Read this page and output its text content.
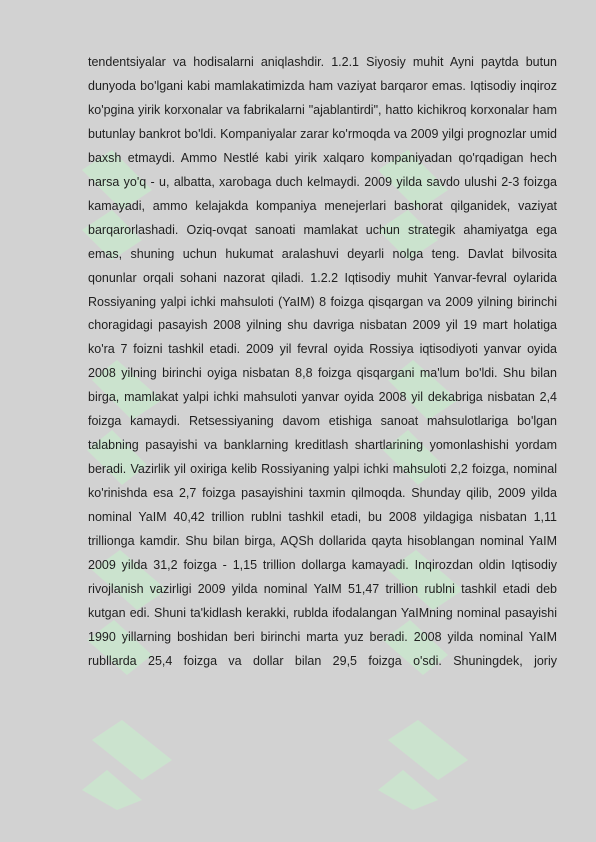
tendentsiyalar va hodisalarni aniqlashdir. 1.2.1 Siyosiy muhit Ayni paytda butun dunyoda bo'lgani kabi mamlakatimizda ham vaziyat barqaror emas. Iqtisodiy inqiroz ko'pgina yirik korxonalar va fabrikalarni "ajablantirdi", hatto kichikroq korxonalar ham butunlay bankrot bo'ldi. Kompaniyalar zarar ko'rmoqda va 2009 yilgi prognozlar umid baxsh etmaydi. Ammo Nestlé kabi yirik xalqaro kompaniyadan qo'rqadigan hech narsa yo'q - u, albatta, xarobaga duch kelmaydi. 2009 yilda savdo ulushi 2-3 foizga kamayadi, ammo kelajakda kompaniya menejerlari bashorat qilganidek, vaziyat barqarorlashadi. Oziq-ovqat sanoati mamlakat uchun strategik ahamiyatga ega emas, shuning uchun hukumat aralashuvi deyarli nolga teng. Davlat bilvosita qonunlar orqali sohani nazorat qiladi. 1.2.2 Iqtisodiy muhit Yanvar-fevral oylarida Rossiyaning yalpi ichki mahsuloti (YaIM) 8 foizga qisqargan va 2009 yilning birinchi choragidagi pasayish 2008 yilning shu davriga nisbatan 2009 yil 19 mart holatiga ko'ra 7 foizni tashkil etadi. 2009 yil fevral oyida Rossiya iqtisodiyoti yanvar oyida 2008 yilning birinchi oyiga nisbatan 8,8 foizga qisqargani ma'lum bo'ldi. Shu bilan birga, mamlakat yalpi ichki mahsuloti yanvar oyida 2008 yil dekabriga nisbatan 2,4 foizga kamaydi. Retsessiyaning davom etishiga sanoat mahsulotlariga bo'lgan talabning pasayishi va banklarning kreditlash shartlarining yomonlashishi yordam beradi. Vazirlik yil oxiriga kelib Rossiyaning yalpi ichki mahsuloti 2,2 foizga, nominal ko'rinishda esa 2,7 foizga pasayishini taxmin qilmoqda. Shunday qilib, 2009 yilda nominal YaIM 40,42 trillion rublni tashkil etadi, bu 2008 yildagiga nisbatan 1,11 trillionga kamdir. Shu bilan birga, AQSh dollarida qayta hisoblangan nominal YaIM 2009 yilda 31,2 foizga - 1,15 trillion dollarga kamayadi. Inqirozdan oldin Iqtisodiy rivojlanish vazirligi 2009 yilda nominal YaIM 51,47 trillion rublni tashkil etadi deb kutgan edi. Shuni ta'kidlash kerakki, rublda ifodalangan YaIMning nominal pasayishi 1990 yillarning boshidan beri birinchi marta yuz beradi. 2008 yilda nominal YaIM rubllarda 25,4 foizga va dollar bilan 29,5 foizga o'sdi. Shuningdek, joriy
